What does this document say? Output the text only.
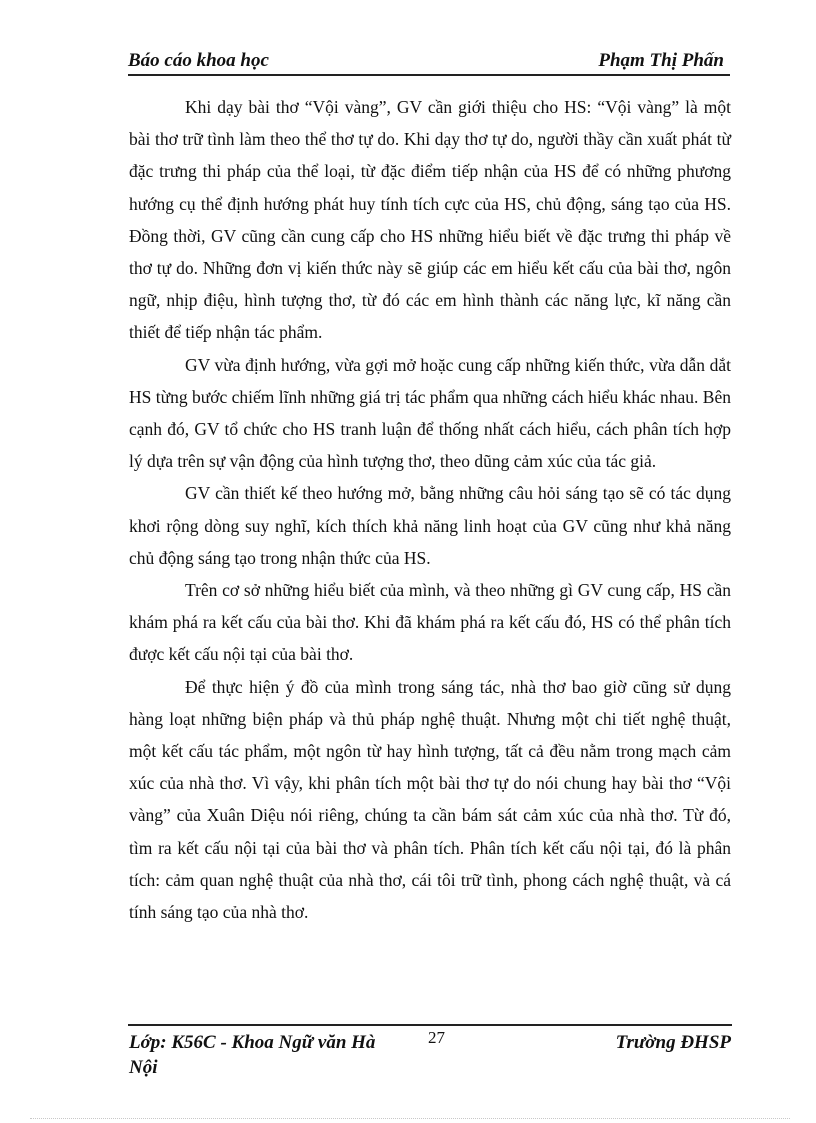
Báo cáo khoa học	Phạm Thị Phấn

Khi dạy bài thơ “Vội vàng”, GV cần giới thiệu cho HS: “Vội vàng” là một bài thơ trữ tình làm theo thể thơ tự do. Khi dạy thơ tự do, người thầy cần xuất phát từ đặc trưng thi pháp của thể loại, từ đặc điểm tiếp nhận của HS để có những phương hướng cụ thể định hướng phát huy tính tích cực của HS, chủ động, sáng tạo của HS. Đồng thời, GV cũng cần cung cấp cho HS những hiểu biết về đặc trưng thi pháp về thơ tự do. Những đơn vị kiến thức này sẽ giúp các em hiểu kết cấu của bài thơ, ngôn ngữ, nhịp điệu, hình tượng thơ, từ đó các em hình thành các năng lực, kĩ năng cần thiết để tiếp nhận tác phẩm.

GV vừa định hướng, vừa gợi mở hoặc cung cấp những kiến thức, vừa dẫn dắt HS từng bước chiếm lĩnh những giá trị tác phẩm qua những cách hiểu khác nhau. Bên cạnh đó, GV tổ chức cho HS tranh luận để thống nhất cách hiểu, cách phân tích hợp lý dựa trên sự vận động của hình tượng thơ, theo dũng cảm xúc của tác giả.

GV cần thiết kế theo hướng mở, bằng những câu hỏi sáng tạo sẽ có tác dụng khơi rộng dòng suy nghĩ, kích thích khả năng linh hoạt của GV cũng như khả năng chủ động sáng tạo trong nhận thức của HS.

Trên cơ sở những hiểu biết của mình, và theo những gì GV cung cấp, HS cần khám phá ra kết cấu của bài thơ. Khi đã khám phá ra kết cấu đó, HS có thể phân tích được kết cấu nội tại của bài thơ.

Để thực hiện ý đồ của mình trong sáng tác, nhà thơ bao giờ cũng sử dụng hàng loạt những biện pháp và thủ pháp nghệ thuật. Nhưng một chi tiết nghệ thuật, một kết cấu tác phẩm, một ngôn từ hay hình tượng, tất cả đều nằm trong mạch cảm xúc của nhà thơ. Vì vậy, khi phân tích một bài thơ tự do nói chung hay bài thơ “Vội vàng” của Xuân Diệu nói riêng, chúng ta cần bám sát cảm xúc của nhà thơ. Từ đó, tìm ra kết cấu nội tại của bài thơ và phân tích. Phân tích kết cấu nội tại, đó là phân tích: cảm quan nghệ thuật của nhà thơ, cái tôi trữ tình, phong cách nghệ thuật, và cá tính sáng tạo của nhà thơ.

Lớp: K56C - Khoa Ngữ văn Hà Nội
27	Trường ĐHSP
